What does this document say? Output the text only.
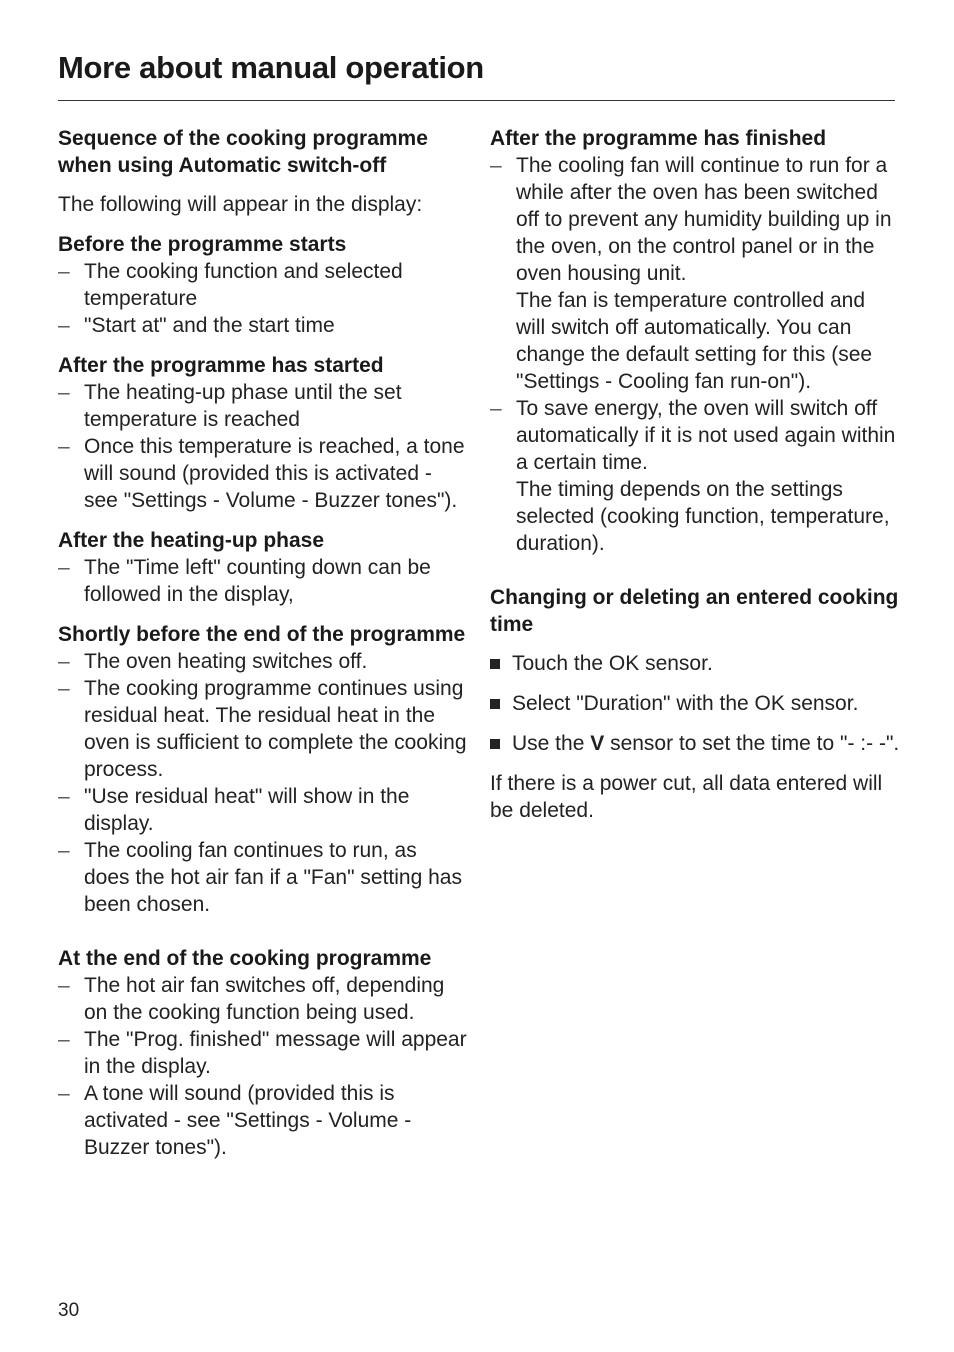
More about manual operation

Sequence of the cooking programme when using Automatic switch-off

The following will appear in the display:

Before the programme starts

– The cooking function and selected temperature
– "Start at" and the start time

After the programme has started

– The heating-up phase until the set temperature is reached
– Once this temperature is reached, a tone will sound (provided this is activated - see "Settings - Volume - Buzzer tones").

After the heating-up phase

– The "Time left" counting down can be followed in the display,

Shortly before the end of the programme

– The oven heating switches off.
– The cooking programme continues using residual heat. The residual heat in the oven is sufficient to complete the cooking process.
– "Use residual heat" will show in the display.
– The cooling fan continues to run, as does the hot air fan if a "Fan" setting has been chosen.

At the end of the cooking programme

– The hot air fan switches off, depending on the cooking function being used.
– The "Prog. finished" message will appear in the display.
– A tone will sound (provided this is activated - see "Settings - Volume - Buzzer tones").

After the programme has finished

– The cooling fan will continue to run for a while after the oven has been switched off to prevent any humidity building up in the oven, on the control panel or in the oven housing unit.
The fan is temperature controlled and will switch off automatically. You can change the default setting for this (see "Settings - Cooling fan run-on").
– To save energy, the oven will switch off automatically if it is not used again within a certain time.
The timing depends on the settings selected (cooking function, temperature, duration).

Changing or deleting an entered cooking time

Touch the OK sensor.
Select "Duration" with the OK sensor.
Use the V sensor to set the time to "- :- -".

If there is a power cut, all data entered will be deleted.

30
